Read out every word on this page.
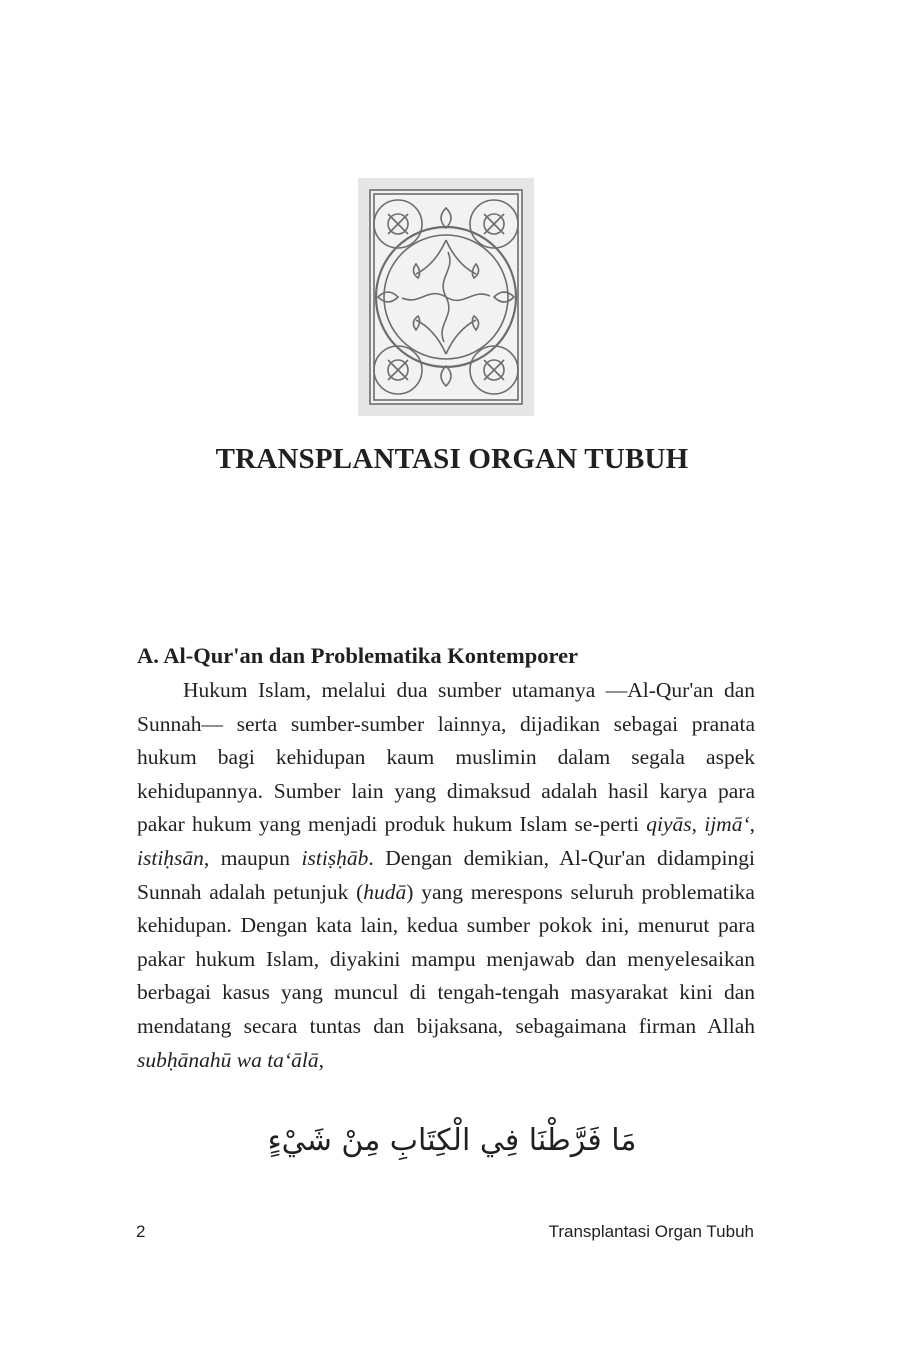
TRANSPLANTASI ORGAN TUBUH
A. Al-Qur'an dan Problematika Kontemporer

Hukum Islam, melalui dua sumber utamanya —Al-Qur'an dan Sunnah— serta sumber-sumber lainnya, dijadikan sebagai pranata hukum bagi kehidupan kaum muslimin dalam segala aspek kehidupannya. Sumber lain yang dimaksud adalah hasil karya para pakar hukum yang menjadi produk hukum Islam se-perti qiyās, ijmā‘, istiḥsān, maupun istiṣḥāb. Dengan demikian, Al-Qur'an didampingi Sunnah adalah petunjuk (hudā) yang merespons seluruh problematika kehidupan. Dengan kata lain, kedua sumber pokok ini, menurut para pakar hukum Islam, diyakini mampu menjawab dan menyelesaikan berbagai kasus yang muncul di tengah-tengah masyarakat kini dan mendatang secara tuntas dan bijaksana, sebagaimana firman Allah subḥānahū wa ta‘ālā,

مَا فَرَّطْنَا فِي الْكِتَابِ مِنْ شَيْءٍ

2	Transplantasi Organ Tubuh
